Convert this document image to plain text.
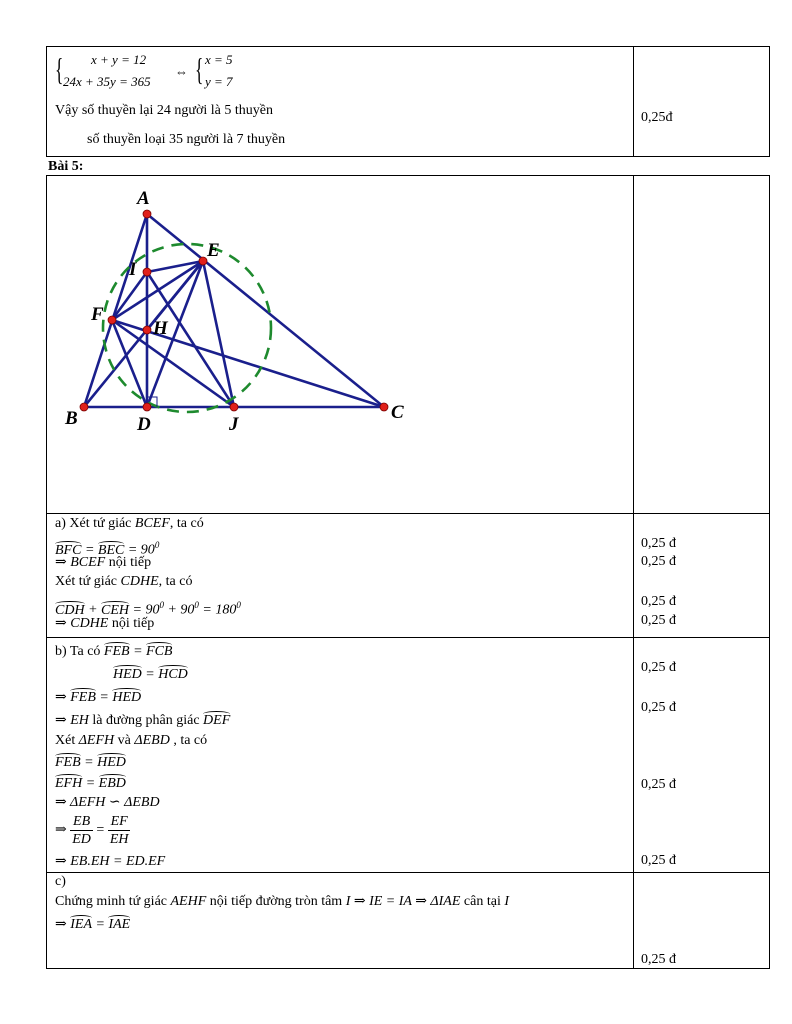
{ x + y = 12
24x + 35y = 365
⇔ { x = 5
y = 7
Vậy số thuyền lại 24 người là 5 thuyền
số thuyền loại 35 người là 7 thuyền
0,25đ
Bài 5:
A
E
I
F
H
B	D	J
C
a) Xét tứ giác BCEF, ta có
BFC = BEC = $90^0$
⇒ BCEF nội tiếp
Xét tứ giác CDHE, ta có
CDH + CEH = $90^0 + 90^0 = 180^0$
⇒ CDHE nội tiếp
0,25 đ
0,25 đ
0,25 đ
0,25 đ
b) Ta có FEB = FCB
HED = HCD
⇒ FEB = HED
⇒ EH là đường phân giác DEF
Xét ΔEFH và ΔEBD , ta có
FEB = HED
EFH = EBD
⇒ ΔEFH ∽ ΔEBD
⇒ $\frac{EB}{ED} = \frac{EF}{EH}$
⇒ EB.EH = ED.EF
0,25 đ
0,25 đ
0,25 đ
0,25 đ
c)
Chứng minh tứ giác AEHF nội tiếp đường tròn tâm I ⇒ IE = IA ⇒ ΔIAE cân tại I
⇒ IEA = IAE
0,25 đ
